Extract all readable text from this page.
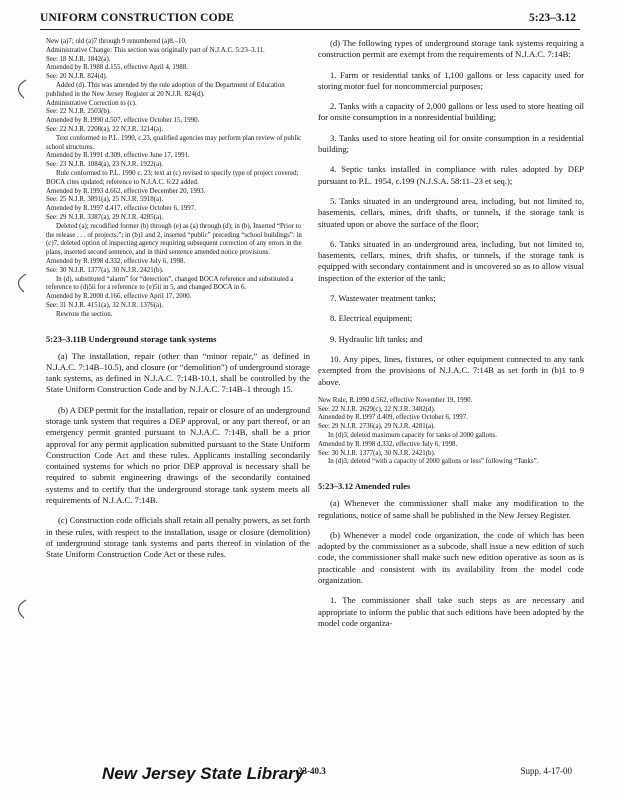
UNIFORM CONSTRUCTION CODE	5:23–3.12

New (a)7; old (a)7 through 9 renumbered (a)8.–10.

Administrative Change: This section was originally part of N.J.A.C. 5:23–3.11.

See: 18 N.J.R. 1842(a).

Amended by R.1988 d.155, effective April 4, 1988.

See: 20 N.J.R. 824(d).

Added (d). This was amended by the rule adoption of the Department of Education published in the New Jersey Register at 20 N.J.R. 824(d).

Administrative Correction to (c).

See: 22 N.J.R. 2503(b).

Amended by R.1990 d.507, effective October 15, 1990.

See: 22 N.J.R. 2208(a), 22 N.J.R. 3214(a).

Text conformed to P.L. 1990, c.23, qualified agencies may perform plan review of public school structures.

Amended by R.1991 d.309, effective June 17, 1991.

See: 23 N.J.R. 1084(a), 23 N.J.R. 1922(a).

Rule conformed to P.L. 1990 c. 23; text at (c) revised to specify type of project covered; BOCA cites updated; reference to N.J.A.C. 6:22 added.

Amended by R.1993 d.662, effective December 20, 1993.

See: 25 N.J.R. 3891(a), 25 N.J.R. 5918(a).

Amended by R.1997 d.417, effective October 6, 1997.

See: 29 N.J.R. 3387(a), 29 N.J.R. 4285(a).

Deleted (a); recodified former (b) through (e) as (a) through (d); in (b), Inserted “Prior to the release . . . of projects.”; in (b)1 and 2, inserted “public” preceding “school buildings”: in (c)7, deleted option of inspecting agency requiring subsequent correction of any errors in the plans, inserted second sentence, and in third sentence amended notice provisions.

Amended by R.1998 d.332, effective July 6, 1998.

See: 30 N.J.R. 1377(a), 30 N.J.R. 2421(b).

In (d), substituted “alarm” for “detection”, changed BOCA reference and substituted a reference to (d)5ii for a reference to (e)5ii in 5, and changed BOCA in 6.

Amended by R.2000 d.166, effective April 17, 2000.

See: 31 N.J.R. 4151(a), 32 N.J.R. 1376(a).

Rewrote the section.

5:23–3.11B Underground storage tank systems

(a) The installation, repair (other than “minor repair,” as defined in N.J.A.C. 7:14B–10.5), and closure (or “demolition”) of underground storage tank systems, as defined in N.J.A.C. 7:14B-10.1, shall be controlled by the State Uniform Construction Code and by N.J.A.C. 7:14B–1 through 15.

(b) A DEP permit for the installation, repair or closure of an underground storage tank system that requires a DEP approval, or any part thereof, or an emergency permit granted pursuant to N.J.A.C. 7:14B, shall be a prior approval for any permit application submitted pursuant to the State Uniform Construction Code Act and these rules. Applicants installing secondarily contained systems for which no prior DEP approval is necessary shall be required to submit engineering drawings of the secondarily contained systems and to certify that the underground storage tank system meets all requirements of N.J.A.C. 7:14B.

(c) Construction code officials shall retain all penalty powers, as set forth in these rules, with respect to the installation, usage or closure (demolition) of underground storage tank systems and parts thereof in violation of the State Uniform Construction Code Act or these rules.

(d) The following types of underground storage tank systems requiring a construction permit are exempt from the requirements of N.J.A.C. 7:14B:

1. Farm or residential tanks of 1,100 gallons or less capacity used for storing motor fuel for noncommercial purposes;

2. Tanks with a capacity of 2,000 gallons or less used to store heating oil for onsite consumption in a nonresidential building;

3. Tanks used to store heating oil for onsite consumption in a residential building;

4. Septic tanks installed in compliance with rules adopted by DEP pursuant to P.L. 1954, c.199 (N.J.S.A. 58:11–23 et seq.);

5. Tanks situated in an underground area, including, but not limited to, basements, cellars, mines, drift shafts, or tunnels, if the storage tank is situated upon or above the surface of the floor;

6. Tanks situated in an underground area, including, but not limited to, basements, cellars, mines, drift shafts, or tunnels, if the storage tank is equipped with secondary containment and is uncovered so as to allow visual inspection of the exterior of the tank;

7. Wastewater treatment tanks;

8. Electrical equipment;

9. Hydraulic lift tanks; and

10. Any pipes, lines, fixtures, or other equipment connected to any tank exempted from the provisions of N.J.A.C. 7:14B as set forth in (b)1 to 9 above.

New Rule, R.1990 d.562, effective November 19, 1990.

See: 22 N.J.R. 2629(c), 22 N.J.R. 3482(d).

Amended by R.1997 d.409, effective October 6, 1997.

See: 29 N.J.R. 2736(a), 29 N.J.R. 4281(a).

In (d)3, deleted maximum capacity for tanks of 2000 gallons.

Amended by R.1998 d.332, effective July 6, 1998.

See: 30 N.J.R. 1377(a), 30 N.J.R. 2421(b).

In (d)3, deleted “with a capacity of 2000 gallons or less” following “Tanks”.

5:23–3.12 Amended rules

(a) Whenever the commissioner shall make any modification to the regulations, notice of same shall be published in the New Jersey Register.

(b) Whenever a model code organization, the code of which has been adopted by the commissioner as a subcode, shall issue a new edition of such code, the commissioner shall make such new edition operative as soon as is practicable and consistent with its availability from the model code organization.

1. The commissioner shall take such steps as are necessary and appropriate to inform the public that such editions have been adopted by the model code organiza-

New Jersey State Library
23-40.3	Supp. 4-17-00
